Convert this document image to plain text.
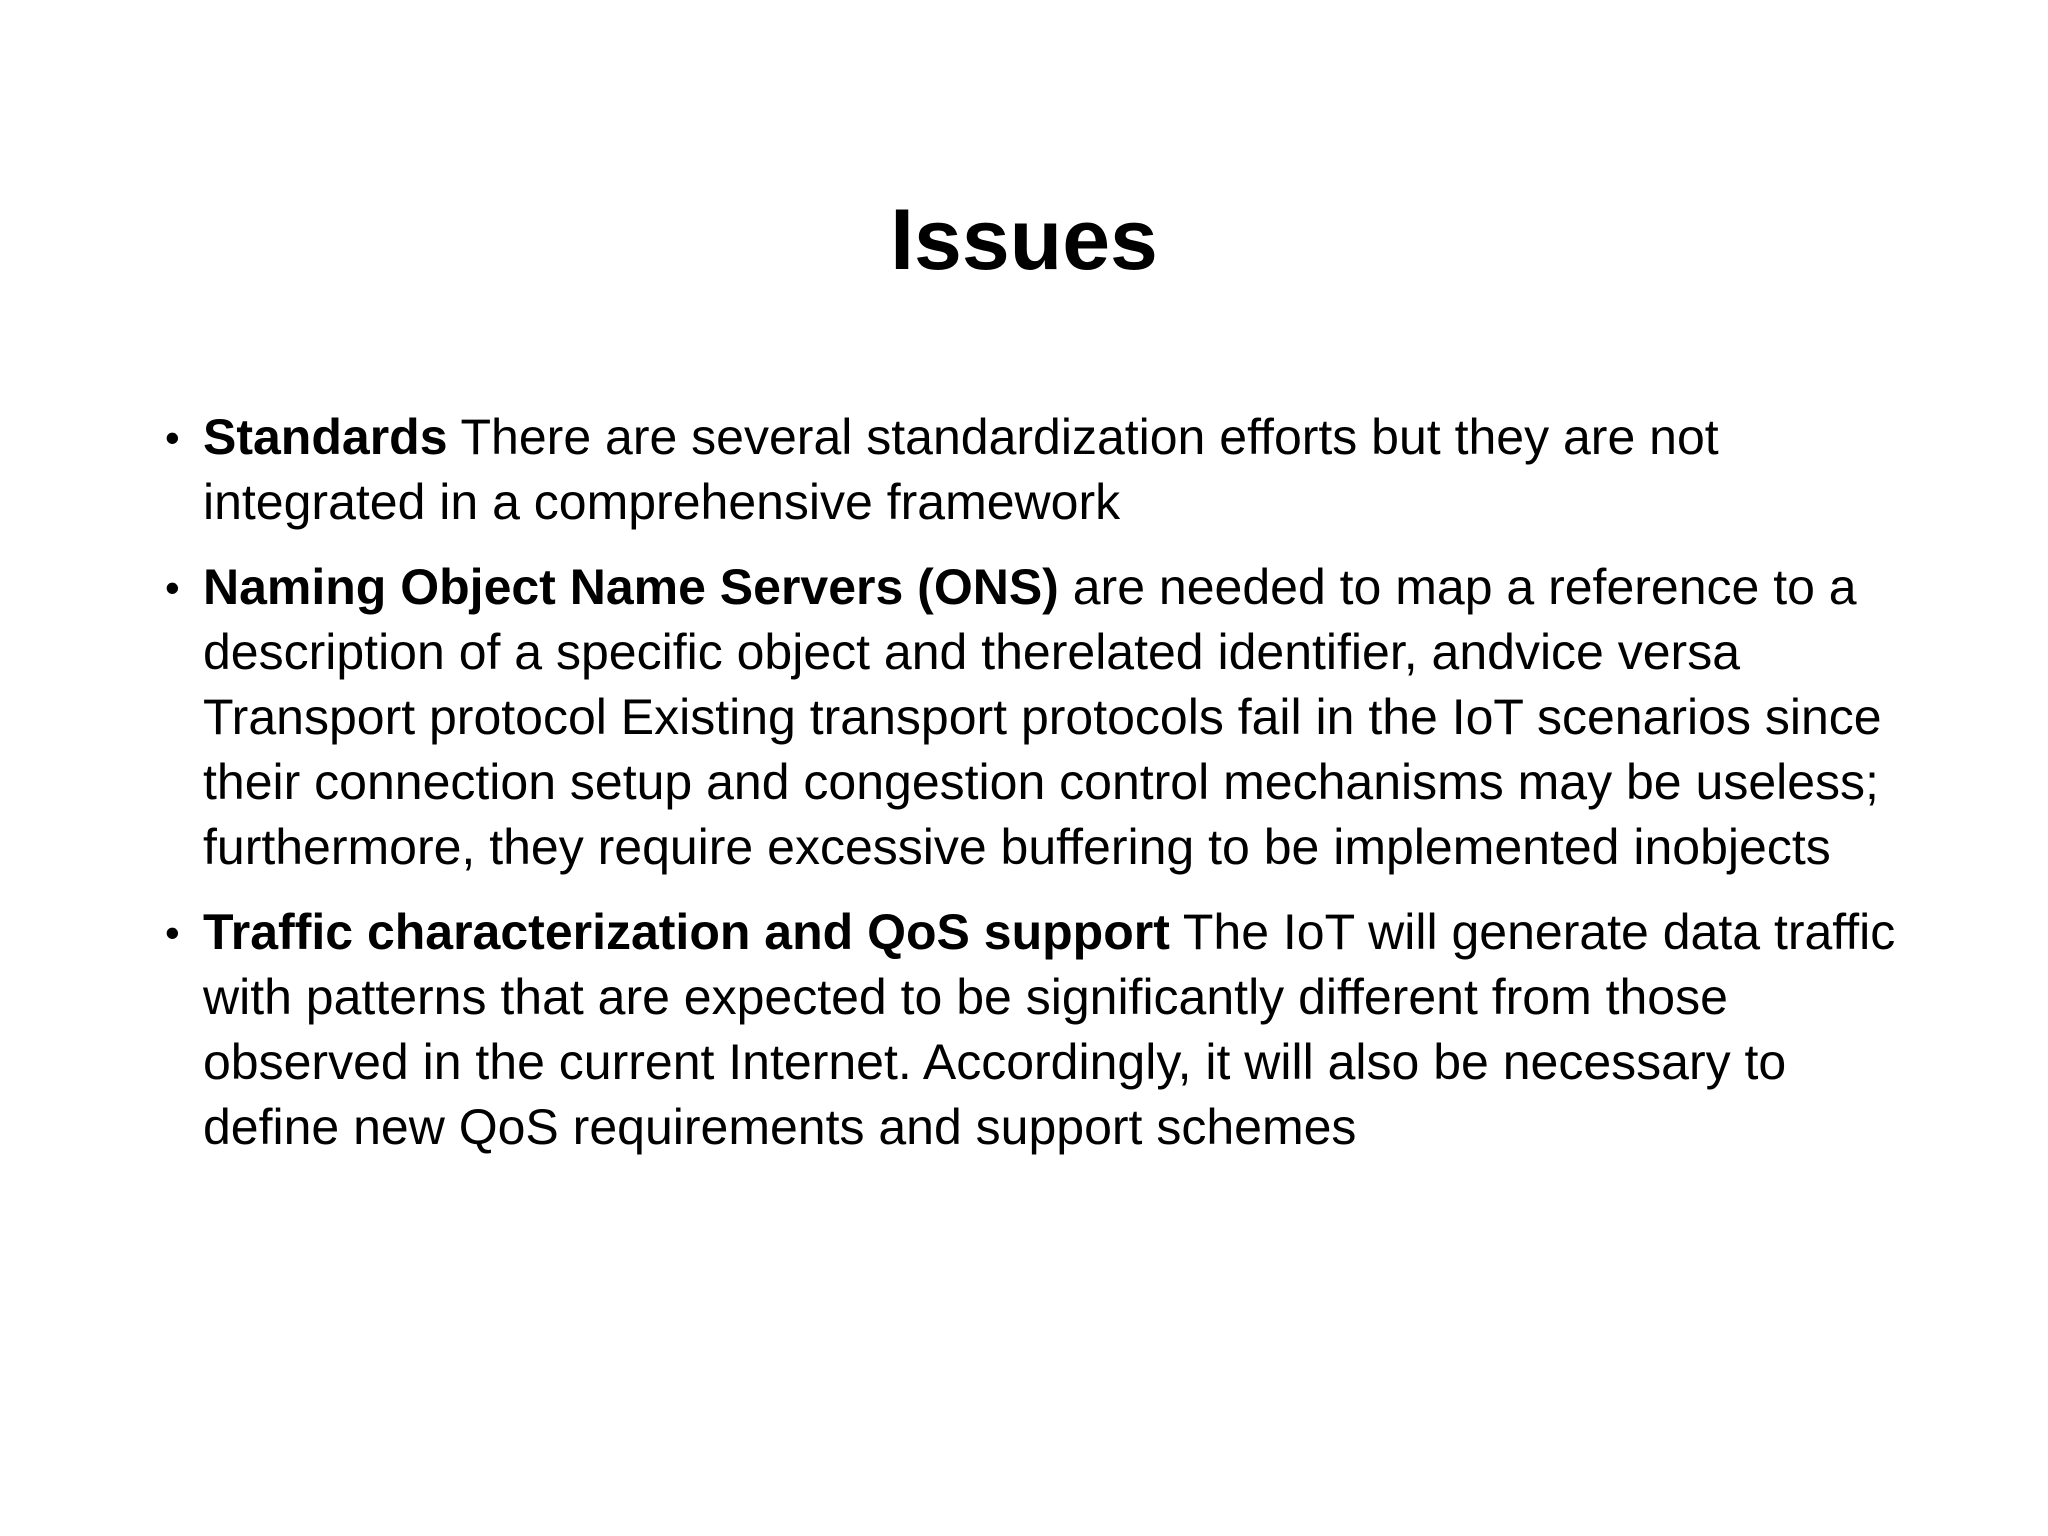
Issues
• Standards There are several standardization efforts but they are not integrated in a comprehensive framework
• Naming Object Name Servers (ONS) are needed to map a reference to a description of a specific object and therelated identifier, andvice versa Transport protocol Existing transport protocols fail in the IoT scenarios since their connection setup and congestion control mechanisms may be useless; furthermore, they require excessive buffering to be implemented inobjects
• Traffic characterization and QoS support The IoT will generate data traffic with patterns that are expected to be significantly different from those observed in the current Internet. Accordingly, it will also be necessary to define new QoS requirements and support schemes
